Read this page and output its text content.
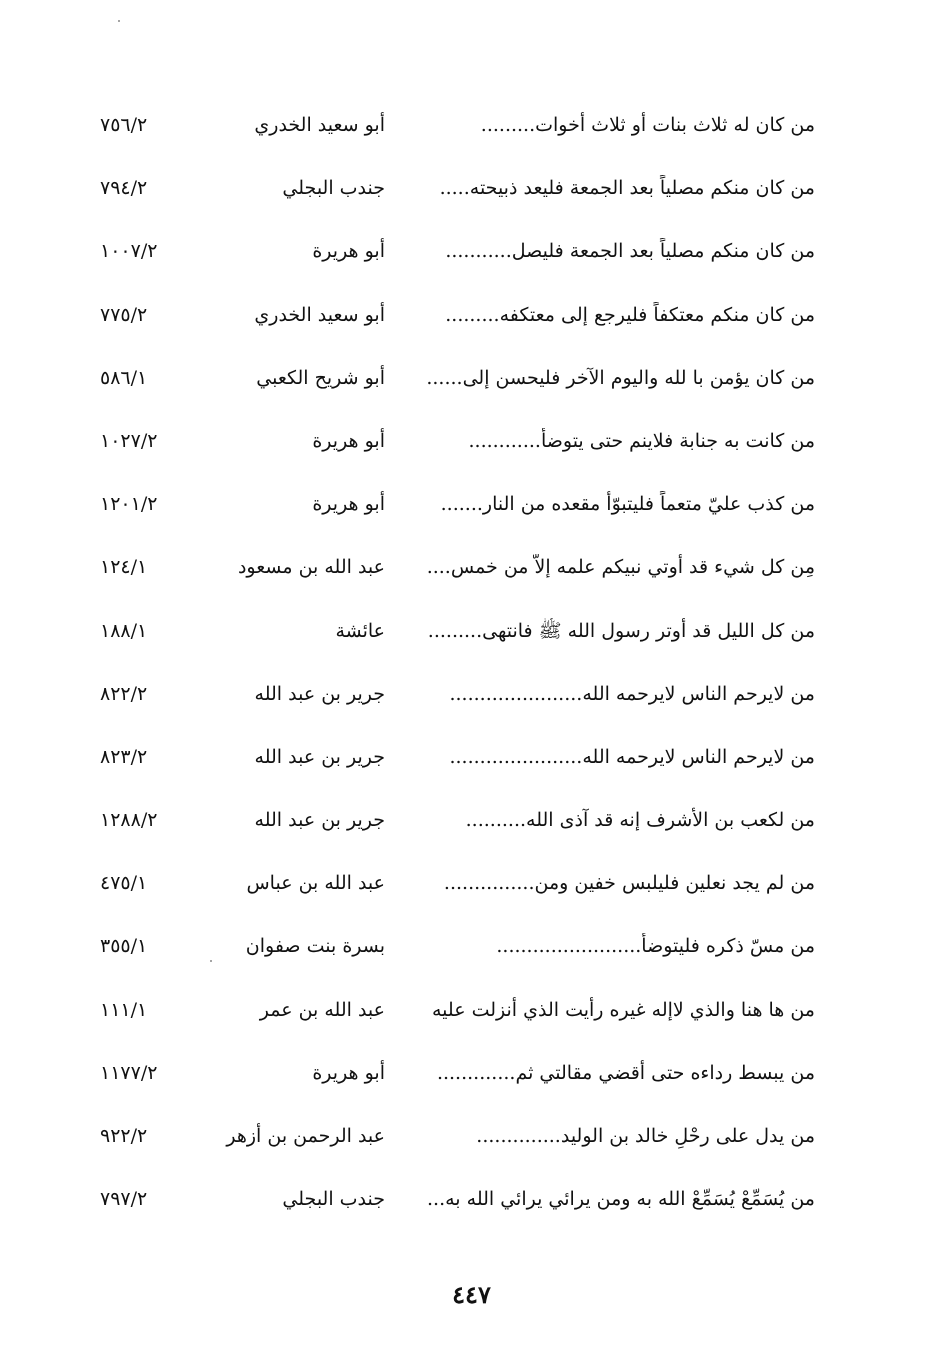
من كان له ثلاث بنات أو ثلاث أخوات.........
أبو سعيد الخدري
٧٥٦/٢
من كان منكم مصلياً بعد الجمعة فليعد ذبيحته.....
جندب البجلي
٧٩٤/٢
من كان منكم مصلياً بعد الجمعة فليصل...........
أبو هريرة
١٠٠٧/٢
من كان منكم معتكفاً فليرجع إلى معتكفه.........
أبو سعيد الخدري
٧٧٥/٢
من كان يؤمن با لله واليوم الآخر فليحسن إلى......
أبو شريح الكعبي
٥٨٦/١
من كانت به جنابة فلاينم حتى يتوضأ............
أبو هريرة
١٠٢٧/٢
من كذب عليّ متعماً فليتبوّأ مقعده من النار.......
أبو هريرة
١٢٠١/٢
مِن كل شيء قد أوتي نبيكم علمه إلاّ من خمس....
عبد الله بن مسعود
١٢٤/١
من كل الليل قد أوتر رسول الله ﷺ فانتهى.........
عائشة
١٨٨/١
من لايرحم الناس لايرحمه الله......................
جرير بن عبد الله
٨٢٢/٢
من لايرحم الناس لايرحمه الله......................
جرير بن عبد الله
٨٢٣/٢
من لكعب بن الأشرف إنه قد آذى الله..........
جرير بن عبد الله
١٢٨٨/٢
من لم يجد نعلين فليلبس خفين ومن...............
عبد الله بن عباس
٤٧٥/١
من مسّ ذكره فليتوضأ........................
بسرة بنت صفوان
٣٥٥/١
من ها هنا والذي لاإله غيره رأيت الذي أنزلت عليه
عبد الله بن عمر
١١١/١
من يبسط رداءه حتى أقضي مقالتي ثم.............
أبو هريرة
١١٧٧/٢
من يدل على رحْلِ خالد بن الوليد..............
عبد الرحمن بن أزهر
٩٢٢/٢
من يُسَمِّعْ يُسَمِّعْ الله به ومن يرائي يرائي الله به...
جندب البجلي
٧٩٧/٢
٤٤٧
